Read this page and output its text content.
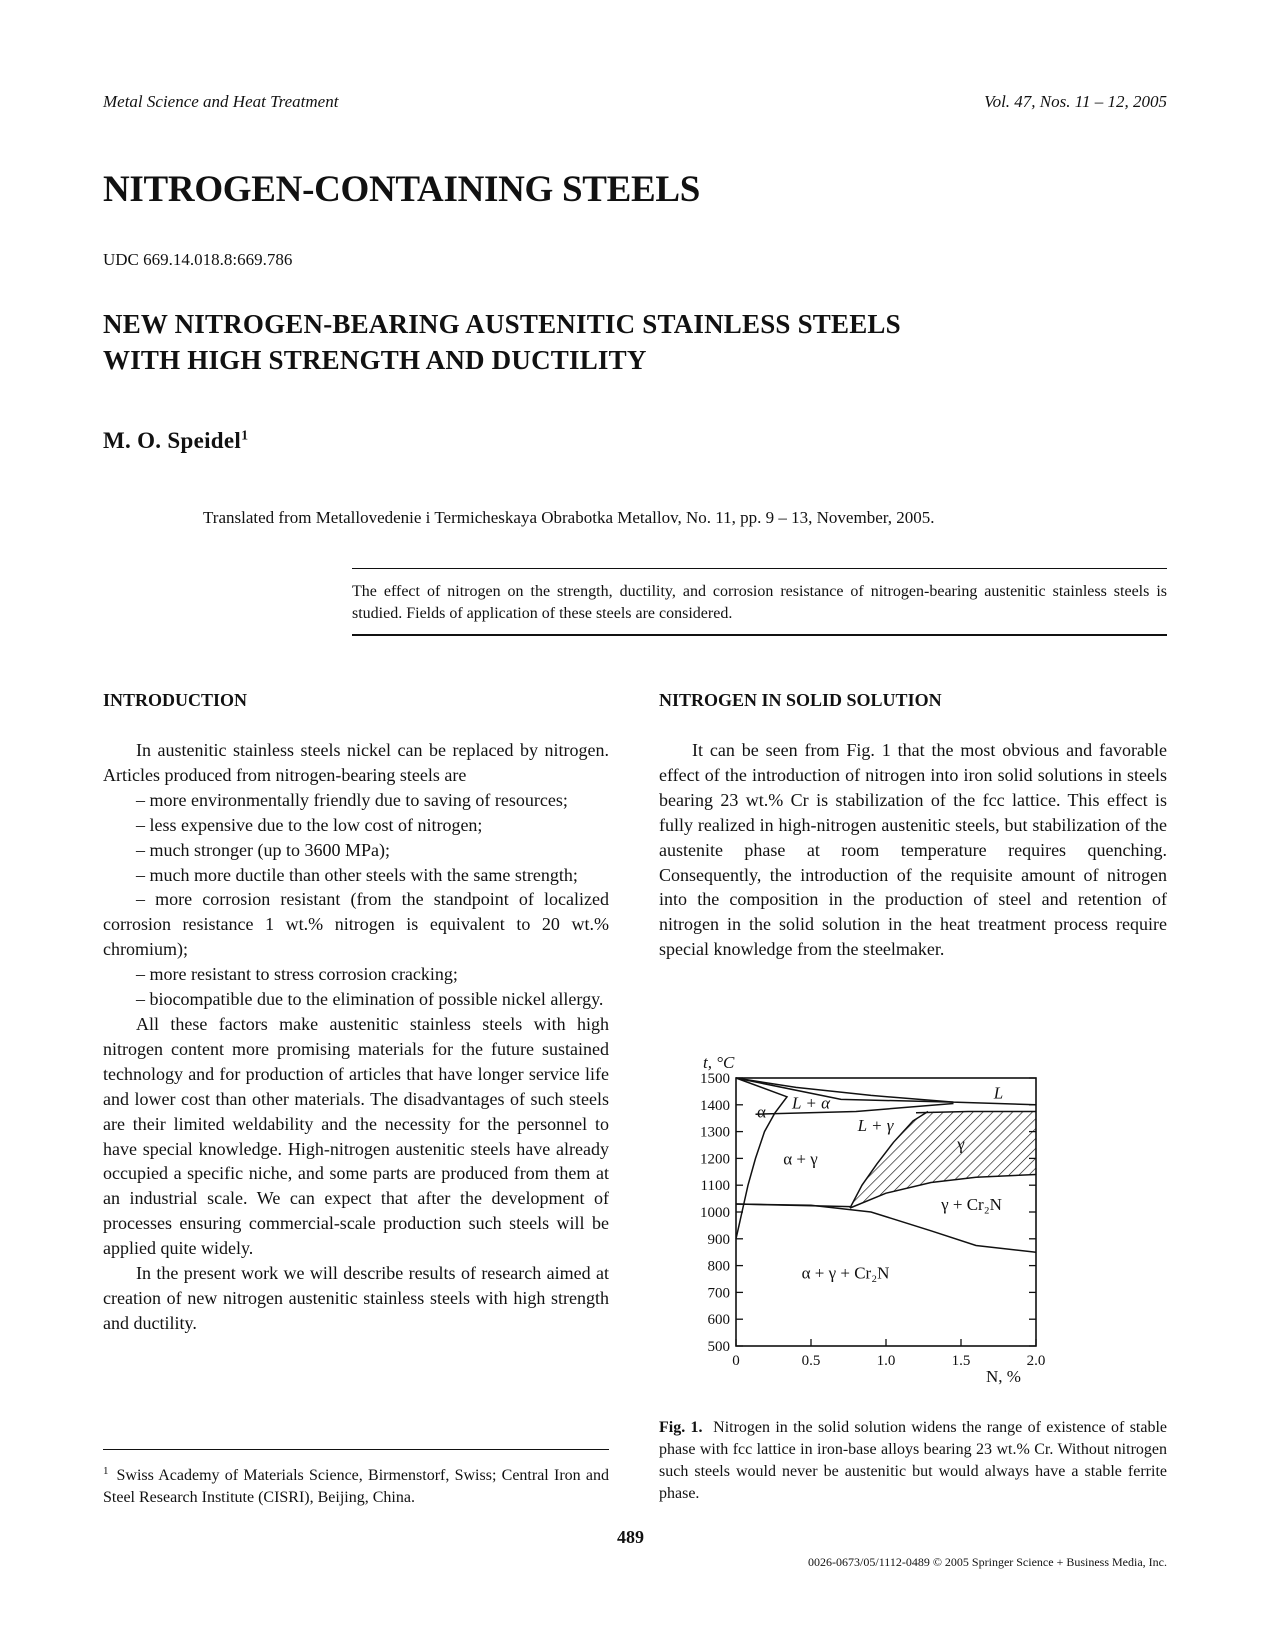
Metal Science and Heat Treatment	Vol. 47, Nos. 11 – 12, 2005
NITROGEN-CONTAINING STEELS
UDC 669.14.018.8:669.786
NEW NITROGEN-BEARING AUSTENITIC STAINLESS STEELS
WITH HIGH STRENGTH AND DUCTILITY
M. O. Speidel$^1$
Translated from Metallovedenie i Termicheskaya Obrabotka Metallov, No. 11, pp. 9 – 13, November, 2005.
The effect of nitrogen on the strength, ductility, and corrosion resistance of nitrogen-bearing austenitic stainless steels is studied. Fields of application of these steels are considered.
INTRODUCTION	NITROGEN IN SOLID SOLUTION

In austenitic stainless steels nickel can be replaced by nitrogen. Articles produced from nitrogen-bearing steels are

– more environmentally friendly due to saving of resources;

– less expensive due to the low cost of nitrogen;

– much stronger (up to 3600 MPa);

– much more ductile than other steels with the same strength;

– more corrosion resistant (from the standpoint of localized corrosion resistance 1 wt.% nitrogen is equivalent to 20 wt.% chromium);

– more resistant to stress corrosion cracking;

– biocompatible due to the elimination of possible nickel allergy.

All these factors make austenitic stainless steels with high nitrogen content more promising materials for the future sustained technology and for production of articles that have longer service life and lower cost than other materials. The disadvantages of such steels are their limited weldability and the necessity for the personnel to have special knowledge. High-nitrogen austenitic steels have already occupied a specific niche, and some parts are produced from them at an industrial scale. We can expect that after the development of processes ensuring commercial-scale production such steels will be applied quite widely.

In the present work we will describe results of research aimed at creation of new nitrogen austenitic stainless steels with high strength and ductility.

It can be seen from Fig. 1 that the most obvious and favorable effect of the introduction of nitrogen into iron solid solutions in steels bearing 23 wt.% Cr is stabilization of the fcc lattice. This effect is fully realized in high-nitrogen austenitic steels, but stabilization of the austenite phase at room temperature requires quenching. Consequently, the introduction of the requisite amount of nitrogen into the composition in the production of steel and retention of nitrogen in the solid solution in the heat treatment process require special knowledge from the steelmaker.

$^1$ Swiss Academy of Materials Science, Birmenstorf, Swiss; Central Iron and Steel Research Institute (CISRI), Beijing, China.
0	0.5	1.0	1.5	2.0
500
600
700
800
900
1000
1100
1200
1300
1400
1500
t, °C
N, %
L
L + α
α
L + γ
γ
α + γ
γ + Cr₂N
α + γ + Cr₂N
Fig. 1. Nitrogen in the solid solution widens the range of existence of stable phase with fcc lattice in iron-base alloys bearing 23 wt.% Cr. Without nitrogen such steels would never be austenitic but would always have a stable ferrite phase.
489
0026-0673/05/1112-0489 © 2005 Springer Science + Business Media, Inc.
